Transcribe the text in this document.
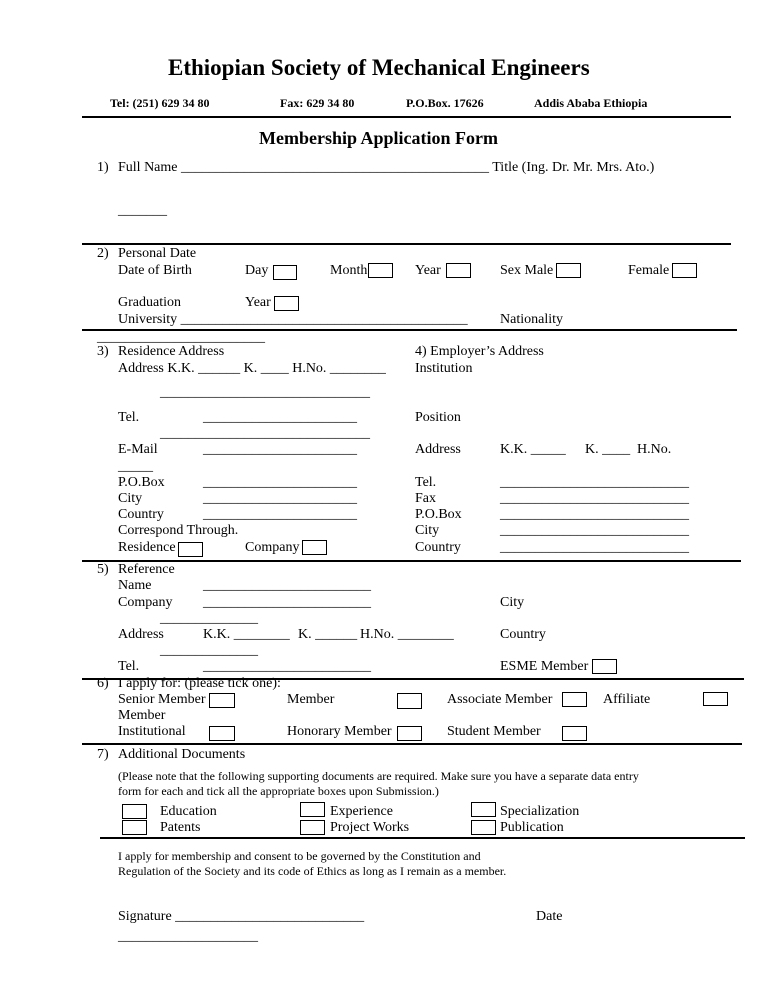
Ethiopian Society of Mechanical Engineers
Tel: (251) 629 34 80	Fax: 629 34 80	P.O.Box. 17626	Addis Ababa Ethiopia
Membership Application Form
1) Full Name ____________________________________________ Title (Ing. Dr. Mr. Mrs. Ato.)
_______
2) Personal Date
Date of Birth	Day	Month	Year	Sex Male	Female
Graduation	Year
University _________________________________________ Nationality
________________________
3) Residence Address
Address K.K. ______ K. ____ H.No. ________
______________________________
Tel.	______________________
______________________________
E-Mail	______________________
_____
P.O.Box	______________________
City	______________________
Country	______________________
Correspond Through.
Residence	Company
4) Employer’s Address
Institution
Position
Address	K.K. _____ K. ____ H.No.
Tel.	___________________________
Fax	___________________________
P.O.Box	___________________________
City	___________________________
Country	___________________________
5) Reference
Name	________________________
Company ________________________	City
______________
Address	K.K. ________ K. ______ H.No. ________	Country
______________
Tel.	________________________	ESME Member
6) I apply for: (please tick one):
Senior Member	Member	Associate Member	Affiliate
Member
Institutional	Honorary Member	Student Member
7) Additional Documents
(Please note that the following supporting documents are required. Make sure you have a separate data entry
form for each and tick all the appropriate boxes upon Submission.)
Education	Experience	Specialization
Patents	Project Works	Publication
I apply for membership and consent to be governed by the Constitution and
Regulation of the Society and its code of Ethics as long as I remain as a member.
Signature ___________________________	Date
____________________
